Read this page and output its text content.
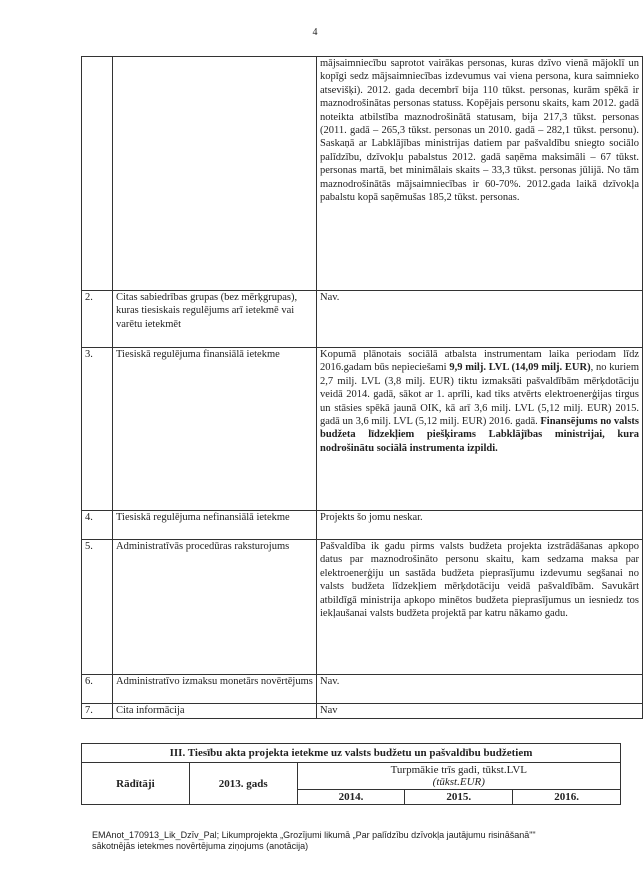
4
		mājsaimniecību saprotot vairākas personas, kuras dzīvo vienā mājoklī un kopīgi sedz mājsaimniecības izdevumus vai viena persona, kura saimnieko atsevišķi). 2012. gada decembrī bija 110 tūkst. personas, kurām spēkā ir maznodrošinātas personas statuss. Kopējais personu skaits, kam 2012. gadā noteikta atbilstība maznodrošinātā statusam, bija 217,3 tūkst. personas (2011. gadā – 265,3 tūkst. personas un 2010. gadā – 282,1 tūkst. personu). Saskaņā ar Labklājības ministrijas datiem par pašvaldību sniegto sociālo palīdzību, dzīvokļu pabalstus 2012. gadā saņēma maksimāli – 67 tūkst. personas martā, bet minimālais skaits – 33,3 tūkst. personas jūlijā. No tām maznodrošinātās mājsaimniecības ir 60-70%. 2012.gada laikā dzīvokļa pabalstu kopā saņēmušas 185,2 tūkst. personas.
2.	Citas sabiedrības grupas (bez mērķgrupas), kuras tiesiskais regulējums arī ietekmē vai varētu ietekmēt	Nav.
3.	Tiesiskā regulējuma finansiālā ietekme	Kopumā plānotais sociālā atbalsta instrumentam laika periodam līdz 2016.gadam būs nepieciešami 9,9 milj. LVL (14,09 milj. EUR), no kuriem 2,7 milj. LVL (3,8 milj. EUR) tiktu izmaksāti pašvaldībām mērķdotāciju veidā 2014. gadā, sākot ar 1. aprīli, kad tiks atvērts elektroenerģijas tirgus un stāsies spēkā jaunā OIK, kā arī 3,6 milj. LVL (5,12 milj. EUR) 2015. gadā un 3,6 milj. LVL (5,12 milj. EUR) 2016. gadā. Finansējums no valsts budžeta līdzekļiem piešķirams Labklājības ministrijai, kura nodrošinātu sociālā instrumenta izpildi.
4.	Tiesiskā regulējuma nefinansiālā ietekme	Projekts šo jomu neskar.
5.	Administratīvās procedūras raksturojums	Pašvaldība ik gadu pirms valsts budžeta projekta izstrādāšanas apkopo datus par maznodrošināto personu skaitu, kam sedzama maksa par elektroenerģiju un sastāda budžeta pieprasījumu izdevumu segšanai no valsts budžeta līdzekļiem mērķdotāciju veidā pašvaldībām. Savukārt atbildīgā ministrija apkopo minētos budžeta pieprasījumus un iesniedz tos iekļaušanai valsts budžeta projektā par katru nākamo gadu.
6.	Administratīvo izmaksu monetārs novērtējums	Nav.
7.	Cita informācija	Nav
III. Tiesību akta projekta ietekme uz valsts budžetu un pašvaldību budžetiem				
Rādītāji	2013. gads	Turpmākie trīs gadi, tūkst.LVL
(tūkst.EUR)		

		2014.	2015.	2016.
EMAnot_170913_Lik_Dzīv_Pal; Likumprojekta „Grozījumi likumā „Par palīdzību dzīvokļa jautājumu risināšanā""
sākotnējās ietekmes novērtējuma ziņojums (anotācija)
